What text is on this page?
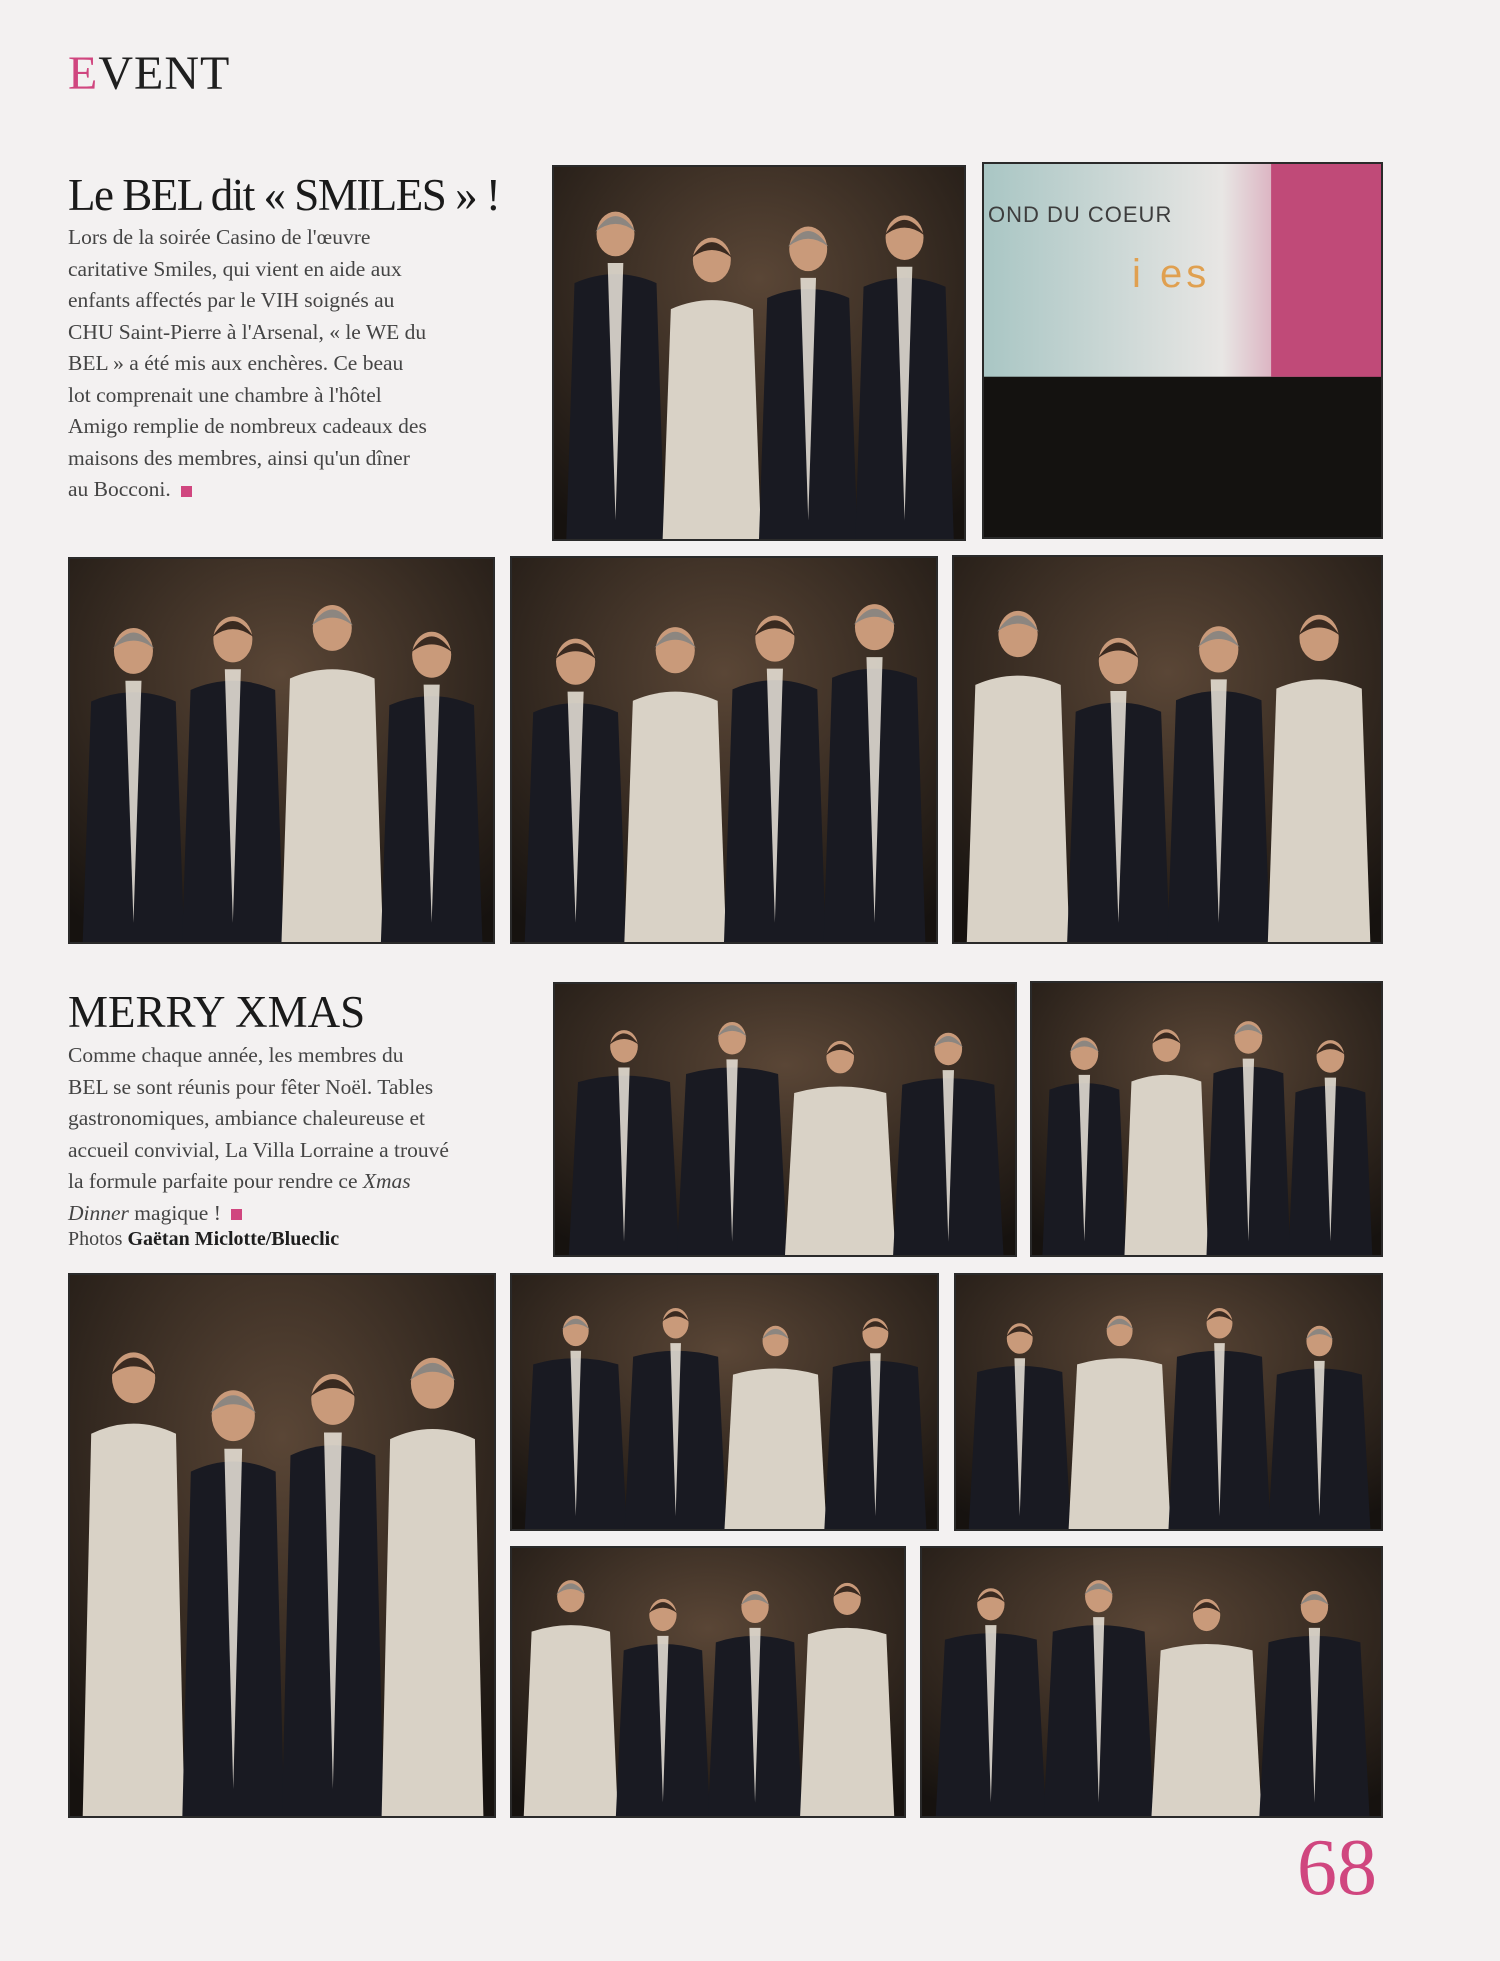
EVENT
Le BEL dit « SMILES » !
Lors de la soirée Casino de l'œuvre
caritative Smiles, qui vient en aide aux
enfants affectés par le VIH soignés au
CHU Saint-Pierre à l'Arsenal, « le WE du
BEL » a été mis aux enchères. Ce beau
lot comprenait une chambre à l'hôtel
Amigo remplie de nombreux cadeaux des
maisons des membres, ainsi qu'un dîner
au Bocconi.
MERRY XMAS
Comme chaque année, les membres du
BEL se sont réunis pour fêter Noël. Tables
gastronomiques, ambiance chaleureuse et
accueil convivial, La Villa Lorraine a trouvé
la formule parfaite pour rendre ce Xmas
Dinner magique !
Photos Gaëtan Miclotte/Blueclic
OND DU COEUR
i es
68
